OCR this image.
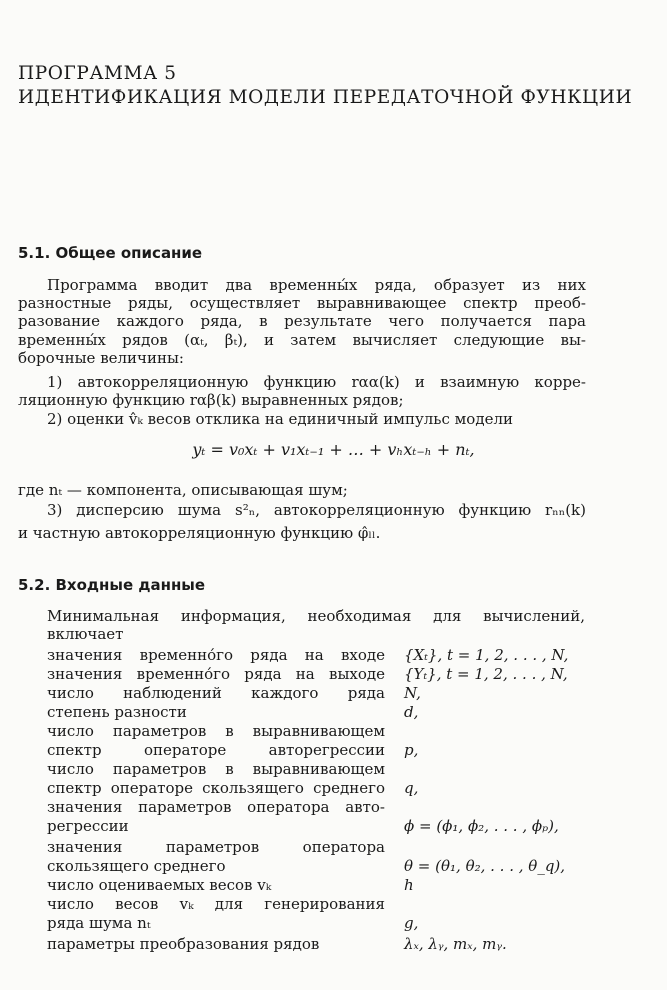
ПРОГРАММА 5
ИДЕНТИФИКАЦИЯ МОДЕЛИ ПЕРЕДАТОЧНОЙ ФУНКЦИИ
5.1. Общее описание

Программа вводит два временны́х ряда, образует из них

разностные ряды, осуществляет выравнивающее спектр преоб-

разование каждого ряда, в результате чего получается пара

временны́х рядов (αₜ, βₜ), и затем вычисляет следующие вы-

борочные величины:

1) автокорреляционную функцию rαα(k) и взаимную корре-

ляционную функцию rαβ(k) выравненных рядов;

2) оценки v̂ₖ весов отклика на единичный импульс модели

yₜ = v₀xₜ + v₁xₜ₋₁ + … + vₕxₜ₋ₕ + nₜ,

где nₜ — компонента, описывающая шум;

3) дисперсию шума s²ₙ, автокорреляционную функцию rₙₙ(k)

и частную автокорреляционную функцию φ̂ₗₗ.

5.2. Входные данные

Минимальная информация, необходимая для вычислений,

включает

значения временно́го ряда на входе {Xₜ}, t = 1, 2, . . . , N,
значения временно́го ряда на выходе {Yₜ}, t = 1, 2, . . . , N,
число наблюдений каждого ряда N,
степень разности	d,
число параметров в выравнивающем
спектр операторе авторегрессии p,
число параметров в выравнивающем
спектр операторе скользящего среднего q,
значения параметров оператора авто-
регрессии	ϕ = (ϕ₁, ϕ₂, . . . , ϕₚ),
значения параметров оператора
скользящего среднего	θ = (θ₁, θ₂, . . . , θ_q),
число оцениваемых весов vₖ	h
число весов vₖ для генерирования
ряда шума nₜ	g,
параметры преобразования рядов	λₓ, λᵧ, mₓ, mᵧ.
